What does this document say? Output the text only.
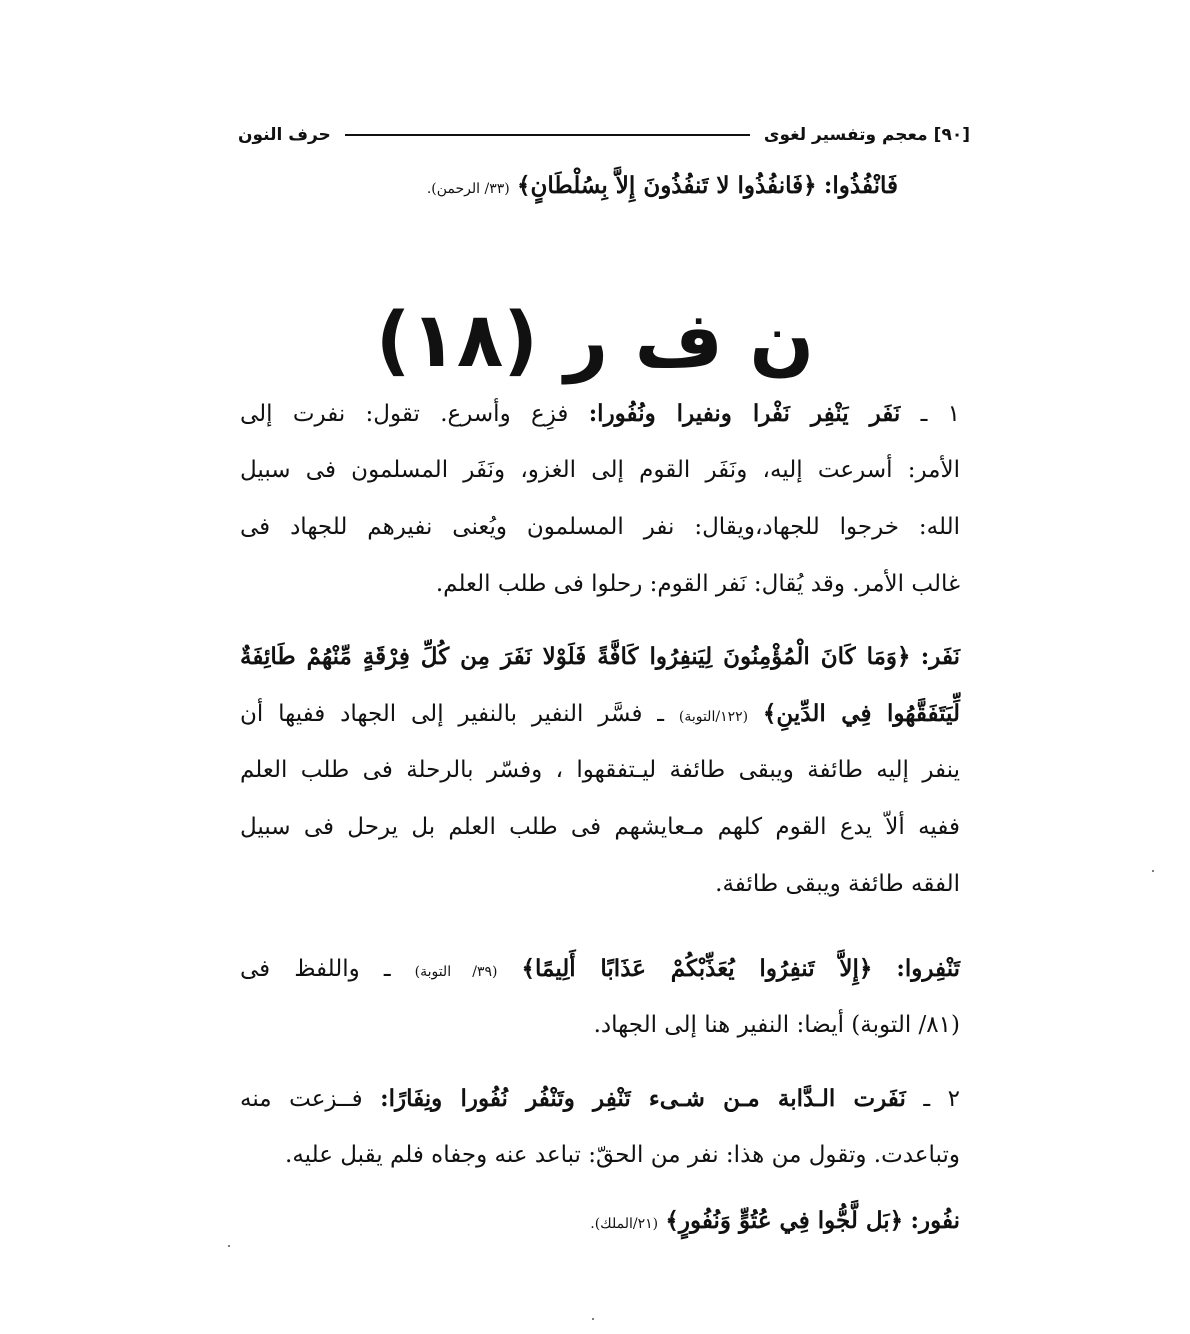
[٩٠]
معجم وتفسير لغوى
حرف النون
فَانْفُذُوا: ﴿فَانفُذُوا لا تَنفُذُونَ إِلاَّ بِسُلْطَانٍ﴾ (٣٣/ الرحمن).
ن ف ر (١٨)
١ ـ نَفَر يَنْفِر نَفْرا ونفيرا ونُفُورا: فزِع وأسرع. تقول: نفرت إلى
الأمر: أسرعت إليه، ونَفَر القوم إلى الغزو، ونَفَر المسلمون فى سبيل
الله: خرجوا للجهاد،ويقال: نفر المسلمون ويُعنى نفيرهم للجهاد فى
غالب الأمر. وقد يُقال: نَفر القوم: رحلوا فى طلب العلم.
نَفَر: ﴿وَمَا كَانَ الْمُؤْمِنُونَ لِيَنفِرُوا كَافَّةً فَلَوْلا نَفَرَ مِن كُلِّ فِرْقَةٍ مِّنْهُمْ طَائِفَةٌ
لِّيَتَفَقَّهُوا فِي الدِّينِ﴾ (١٢٢/التوبة) ـ فسَّر النفير بالنفير إلى الجهاد ففيها أن
ينفر إليه طائفة ويبقى طائفة ليـتفقهوا ، وفسّر بالرحلة فى طلب العلم
ففيه ألاّ يدع القوم كلهم مـعايشهم فى طلب العلم بل يرحل فى سبيل
الفقه طائفة ويبقى طائفة.
تَنْفِروا: ﴿إِلاَّ تَنفِرُوا يُعَذِّبْكُمْ عَذَابًا أَلِيمًا﴾ (٣٩/ التوبة) ـ واللفظ فى
(٨١/ التوبة) أيضا: النفير هنا إلى الجهاد.
٢ ـ نَفَرت الـدَّابة مـن شـىء تَنْفِر وتَنْفُر نُفُورا ونِفَارًا: فــزعت منه
وتباعدت. وتقول من هذا: نفر من الحقّ: تباعد عنه وجفاه فلم يقبل عليه.
نفُور: ﴿بَل لَّجُّوا فِي عُتُوٍّ وَنُفُورٍ﴾ (٢١/الملك).
